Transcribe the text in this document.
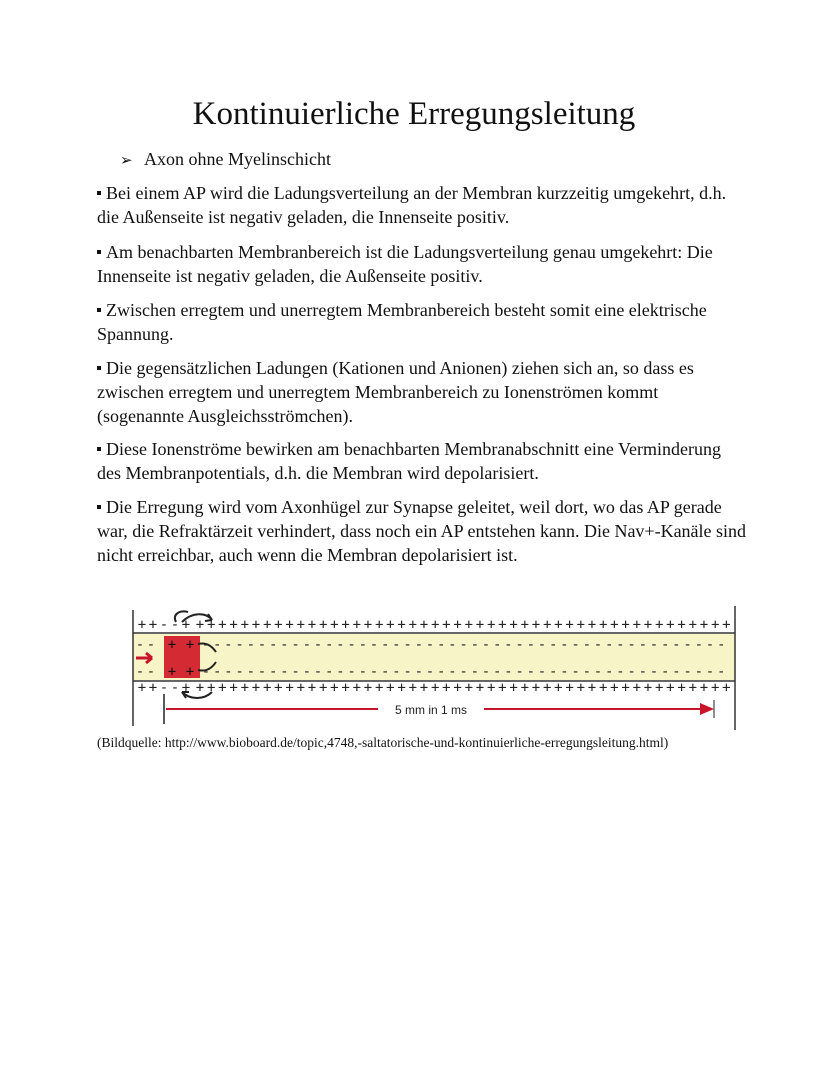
Kontinuierliche Erregungsleitung
➢ Axon ohne Myelinschicht
Bei einem AP wird die Ladungsverteilung an der Membran kurzzeitig umgekehrt, d.h. die Außenseite ist negativ geladen, die Innenseite positiv.
Am benachbarten Membranbereich ist die Ladungsverteilung genau umgekehrt: Die Innenseite ist negativ geladen, die Außenseite positiv.
Zwischen erregtem und unerregtem Membranbereich besteht somit eine elektrische Spannung.
Die gegensätzlichen Ladungen (Kationen und Anionen) ziehen sich an, so dass es zwischen erregtem und unerregtem Membranbereich zu Ionenströmen kommt (sogenannte Ausgleichsströmchen).
Diese Ionenströme bewirken am benachbarten Membranabschnitt eine Verminderung des Membranpotentials, d.h. die Membran wird depolarisiert.
Die Erregung wird vom Axonhügel zur Synapse geleitet, weil dort, wo das AP gerade war, die Refraktärzeit verhindert, dass noch ein AP entstehen kann. Die Nav+-Kanäle sind nicht erreichbar, auch wenn die Membran depolarisiert ist.
+ + - - + + + + + + + + + + + + + + + + + + + + + + + + + + + + + + + + + + + + + + + + + + + + + + + + +
+ + - - + + + + + + + + + + + + + + + + + + + + + + + + + + + + + + + + + + + + + + + + + + + + + + + + +
-
-
-
-
-
-
-
-
-
-
-
-
-
-
-
-
-
-
-
-
-
-
-
-
-
-
-
-
-
-
-
-
-
-
-
-
-
-
-
-
-
-
-
-
-
-
-
-
-
-
-
-
-
-
-
-
-
-
-
-
-
-
-
-
-
-
-
-
-
-
-
-
-
-
-
-
-
-
-
-
-
-
-
-
-
-
-
-
-
-
-
-
-
-
-
-
-
-
+ +
+ +
5 mm in 1 ms
(Bildquelle: http://www.bioboard.de/topic,4748,-saltatorische-und-kontinuierliche-erregungsleitung.html)
